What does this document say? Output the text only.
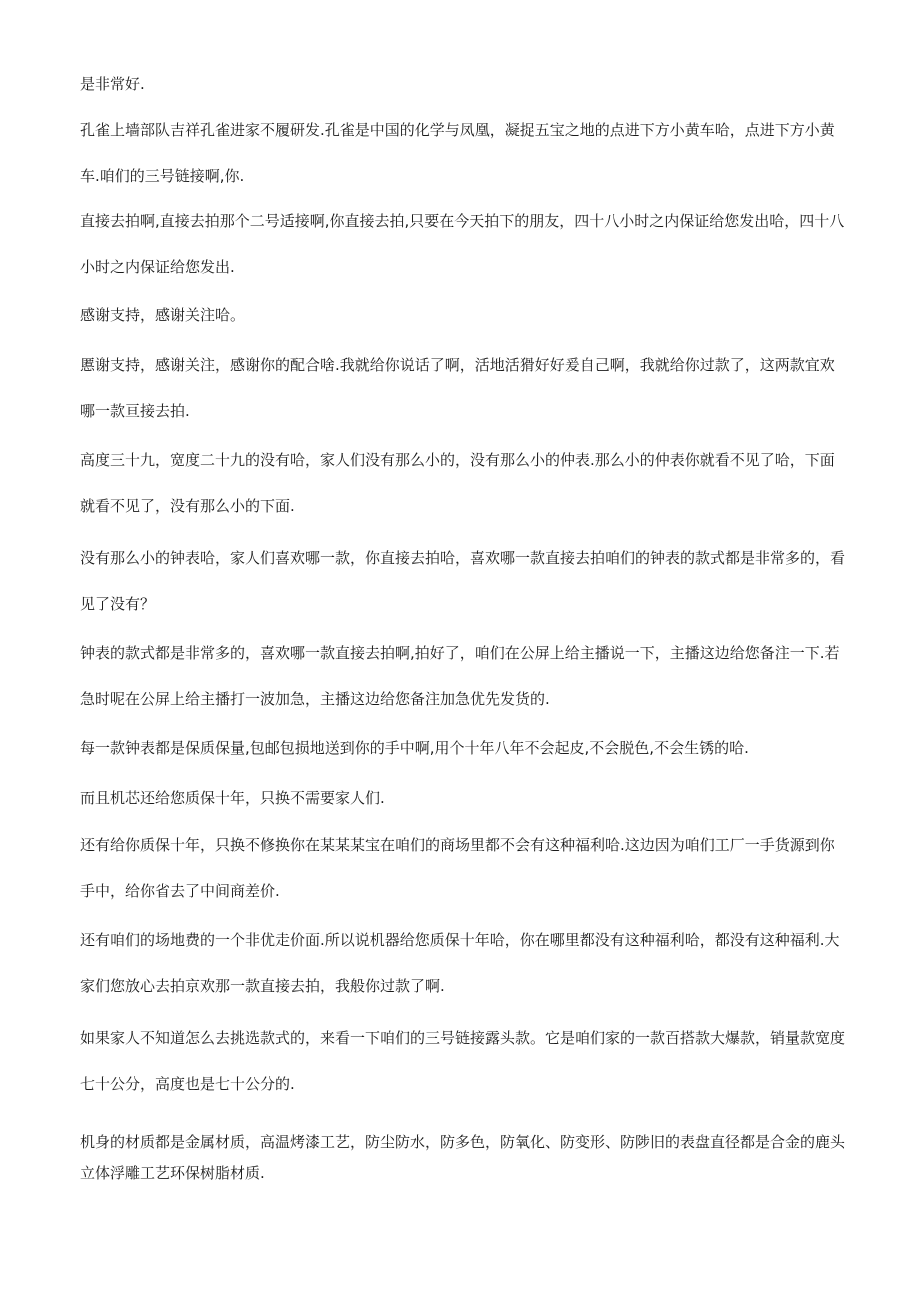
是非常好.

孔雀上墙部队吉祥孔雀进家不履研发.孔雀是中国的化学与凤凰，凝捉五宝之地的点进下方小黄车哈，点进下方小黄车.咱们的三号链接啊,你.

直接去拍啊,直接去拍那个二号适接啊,你直接去拍,只要在今天拍下的朋友，四十八小时之内保证给您发出哈，四十八小时之内保证给您发出.

感谢支持，感谢关注哈。

慝谢支持，感谢关注，感谢你的配合啥.我就给你说话了啊，活地活猾好好爰自己啊，我就给你过款了，这两款宜欢哪一款亘接去拍.

高度三十九，宽度二十九的没有哈，家人们没有那么小的，没有那么小的仲表.那么小的仲表你就看不见了哈，下面就看不见了，没有那么小的下面.

没有那么小的钟表哈，家人们喜欢哪一款，你直接去拍哈，喜欢哪一款直接去拍咱们的钟表的款式都是非常多的，看见了没有？

钟表的款式都是非常多的，喜欢哪一款直接去拍啊,拍好了，咱们在公屏上给主播说一下，主播这边给您备注一下.若急时呢在公屏上给主播打一波加急，主播这边给您备注加急优先发货的.

每一款钟表都是保质保量,包邮包损地送到你的手中啊,用个十年八年不会起皮,不会脱色,不会生锈的哈.

而且机芯还给您质保十年，只换不需要家人们.

还有给你质保十年，只换不修换你在某某某宝在咱们的商场里都不会有这种福利哈.这边因为咱们工厂一手货源到你手中，给你省去了中间商差价.

还有咱们的场地费的一个非优走价面.所以说机器给您质保十年哈，你在哪里都没有这种福利哈，都没有这种福利.大家们您放心去拍京欢那一款直接去拍，我般你过款了啊.

如果家人不知道怎么去挑选款式的，来看一下咱们的三号链接露头款。它是咱们家的一款百搭款大爆款，销量款宽度七十公分，高度也是七十公分的.

机身的材质都是金属材质，高温烤漆工艺，防尘防水，防多色，防氧化、防变形、防陟旧的表盘直径都是合金的鹿头立体浮雕工艺环保树脂材质.
